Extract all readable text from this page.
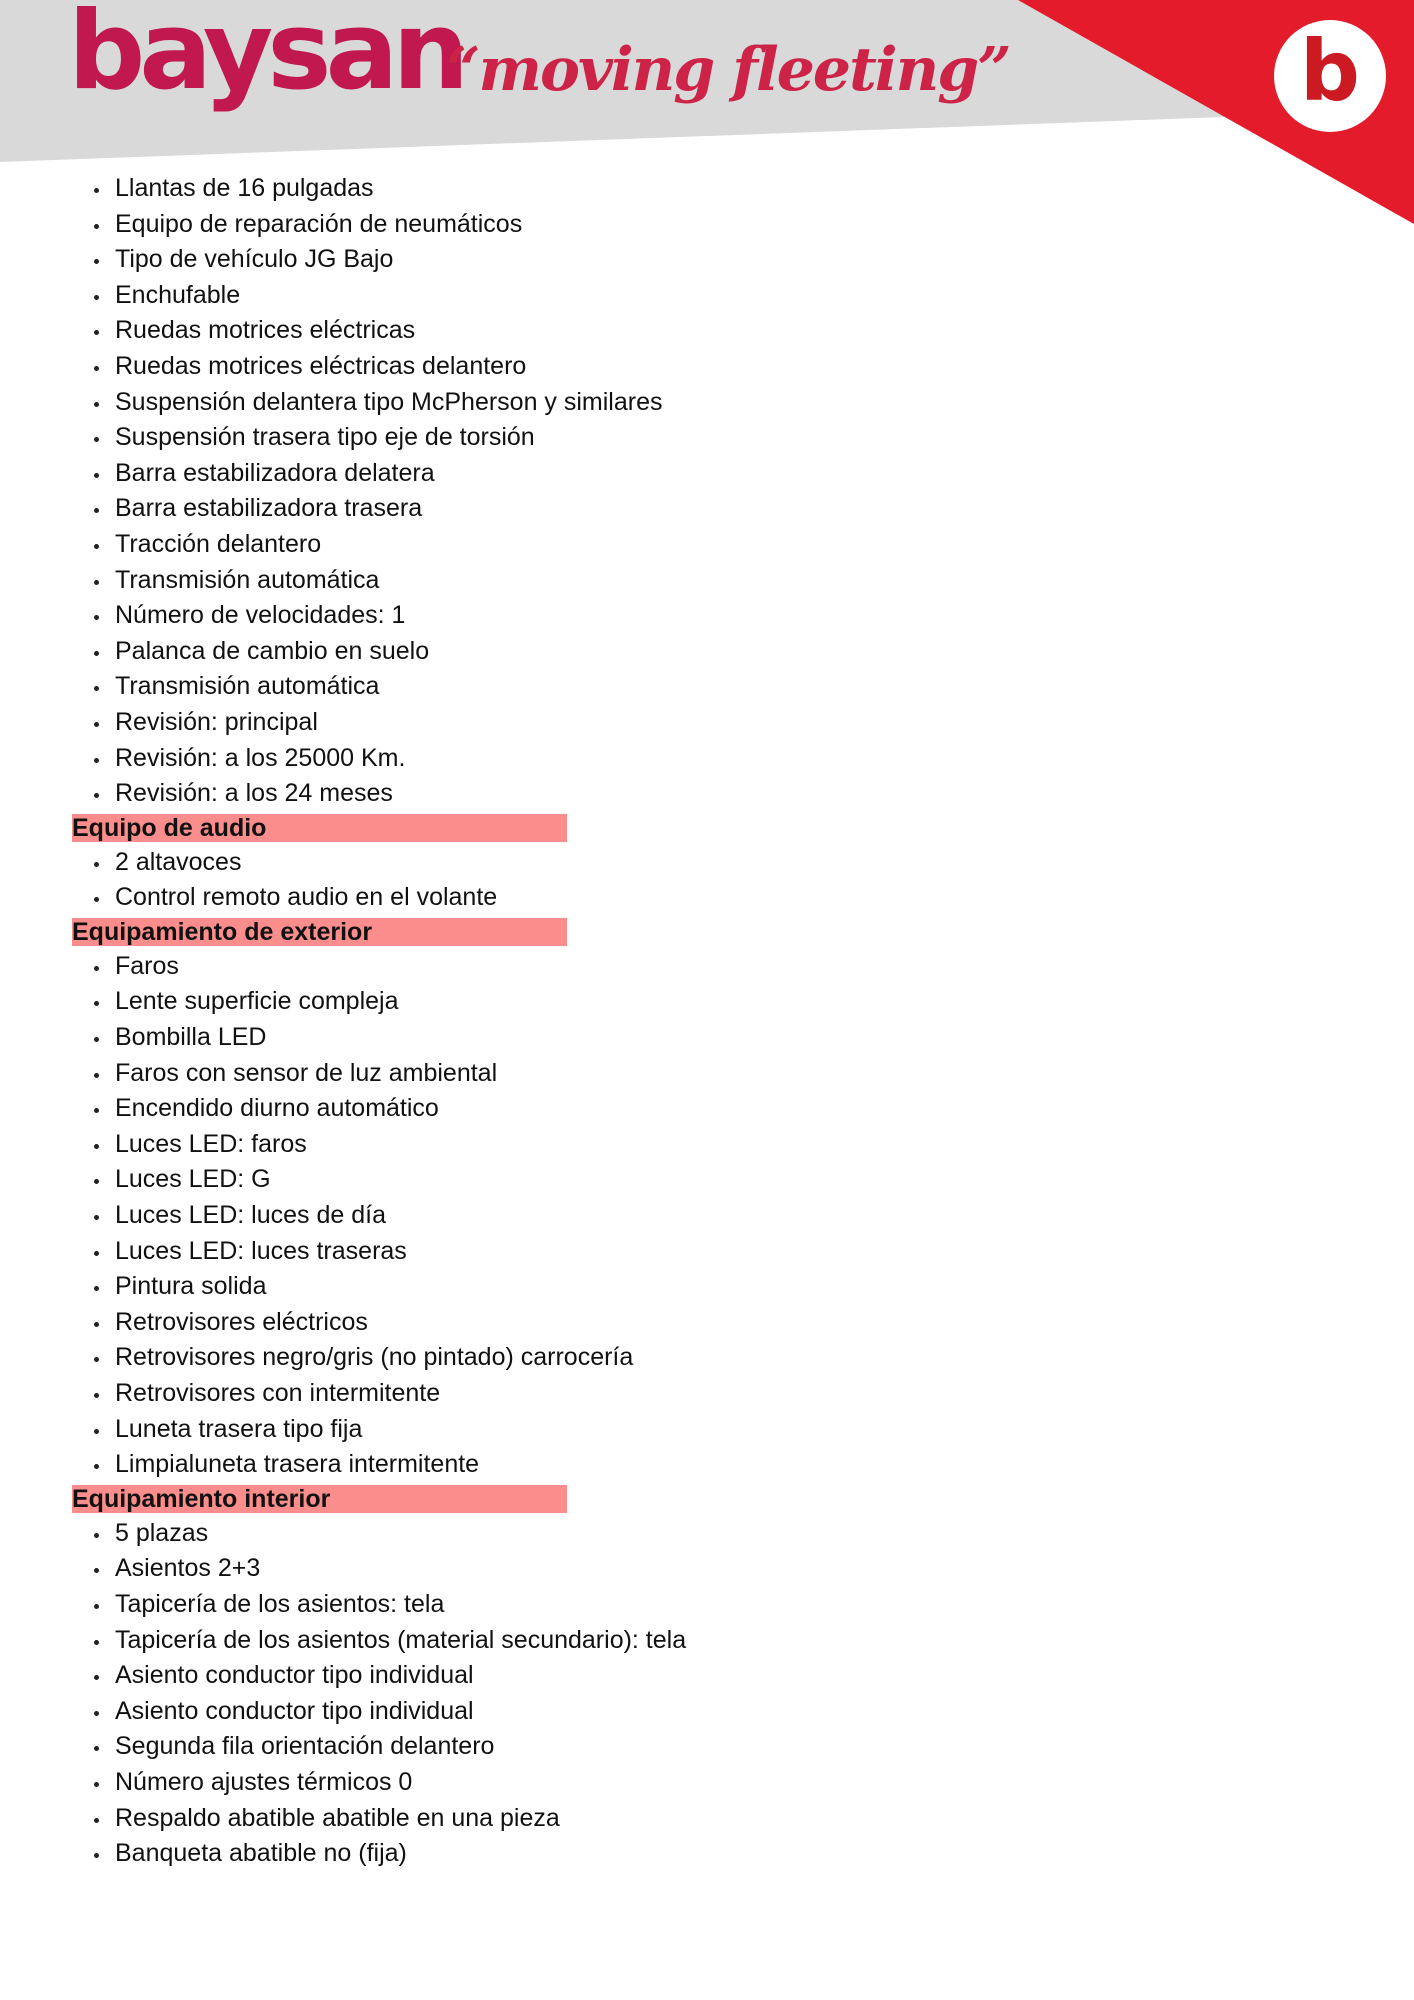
baysan
“moving fleeting”	b
Llantas de 16 pulgadas
Equipo de reparación de neumáticos
Tipo de vehículo JG Bajo
Enchufable
Ruedas motrices eléctricas
Ruedas motrices eléctricas delantero
Suspensión delantera tipo McPherson y similares
Suspensión trasera tipo eje de torsión
Barra estabilizadora delatera
Barra estabilizadora trasera
Tracción delantero
Transmisión automática
Número de velocidades: 1
Palanca de cambio en suelo
Transmisión automática
Revisión: principal
Revisión: a los 25000 Km.
Revisión: a los 24 meses
Equipo de audio
2 altavoces
Control remoto audio en el volante
Equipamiento de exterior
Faros
Lente superficie compleja
Bombilla LED
Faros con sensor de luz ambiental
Encendido diurno automático
Luces LED: faros
Luces LED: G
Luces LED: luces de día
Luces LED: luces traseras
Pintura solida
Retrovisores eléctricos
Retrovisores negro/gris (no pintado) carrocería
Retrovisores con intermitente
Luneta trasera tipo fija
Limpialuneta trasera intermitente
Equipamiento interior
5 plazas
Asientos 2+3
Tapicería de los asientos: tela
Tapicería de los asientos (material secundario): tela
Asiento conductor tipo individual
Asiento conductor tipo individual
Segunda fila orientación delantero
Número ajustes térmicos 0
Respaldo abatible abatible en una pieza
Banqueta abatible no (fija)
